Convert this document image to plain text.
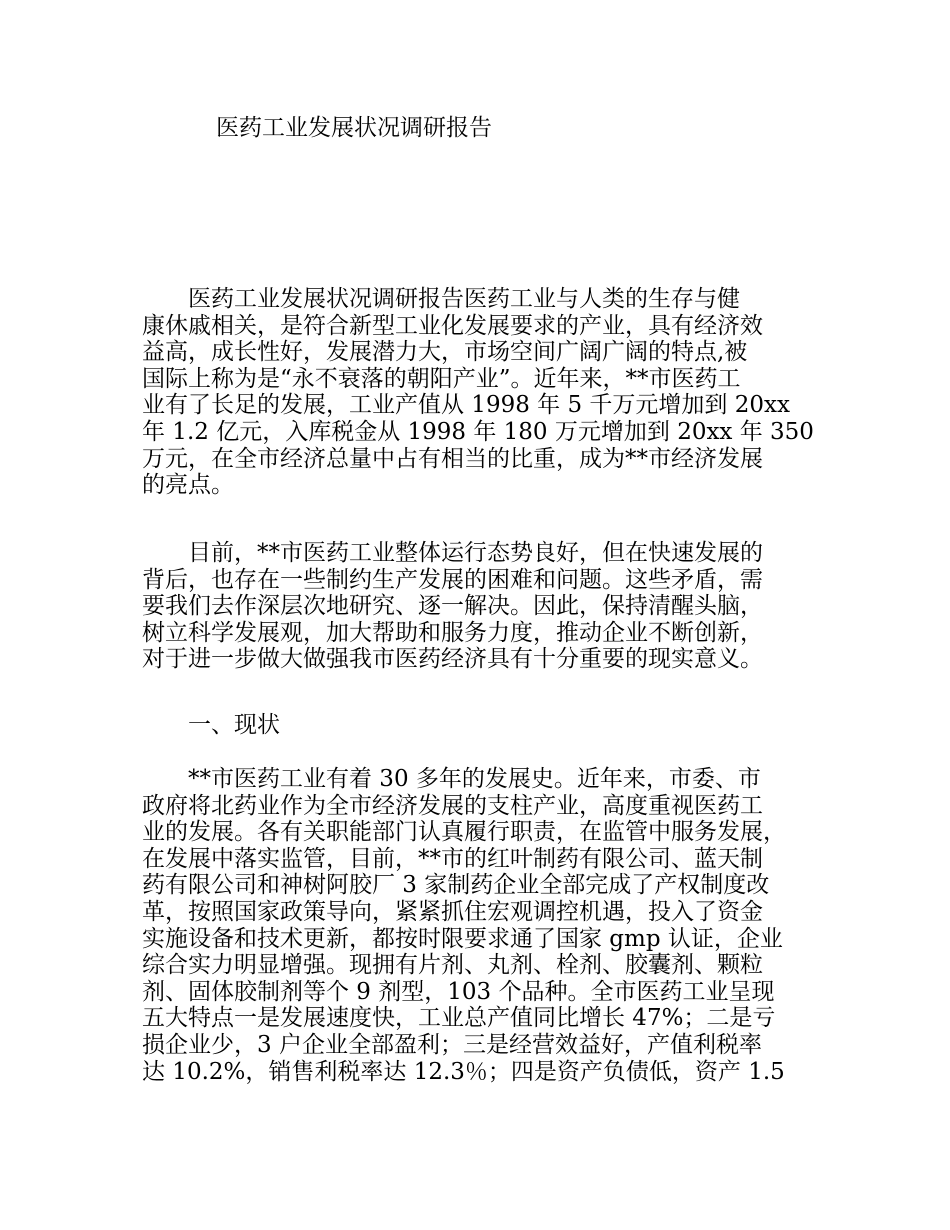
医药工业发展状况调研报告
　　医药工业发展状况调研报告医药工业与人类的生存与健
康休戚相关，是符合新型工业化发展要求的产业，具有经济效
益高，成长性好，发展潜力大，市场空间广阔广阔的特点,被
国际上称为是“永不衰落的朝阳产业”。近年来，**市医药工
业有了长足的发展，工业产值从 1998 年 5 千万元增加到 20xx
年 1.2 亿元，入库税金从 1998 年 180 万元增加到 20xx 年 350
万元，在全市经济总量中占有相当的比重，成为**市经济发展
的亮点。
　　目前，**市医药工业整体运行态势良好，但在快速发展的
背后，也存在一些制约生产发展的困难和问题。这些矛盾，需
要我们去作深层次地研究、逐一解决。因此，保持清醒头脑，
树立科学发展观，加大帮助和服务力度，推动企业不断创新，
对于进一步做大做强我市医药经济具有十分重要的现实意义。
　　一、现状
　　**市医药工业有着 30 多年的发展史。近年来，市委、市
政府将北药业作为全市经济发展的支柱产业，高度重视医药工
业的发展。各有关职能部门认真履行职责，在监管中服务发展，
在发展中落实监管，目前，**市的红叶制药有限公司、蓝天制
药有限公司和神树阿胶厂 3 家制药企业全部完成了产权制度改
革，按照国家政策导向，紧紧抓住宏观调控机遇，投入了资金
实施设备和技术更新，都按时限要求通了国家 gmp 认证，企业
综合实力明显增强。现拥有片剂、丸剂、栓剂、胶囊剂、颗粒
剂、固体胶制剂等个 9 剂型，103 个品种。全市医药工业呈现
五大特点一是发展速度快，工业总产值同比增长 47%；二是亏
损企业少，3 户企业全部盈利；三是经营效益好，产值利税率
达 10.2%，销售利税率达 12.3％；四是资产负债低，资产 1.5
